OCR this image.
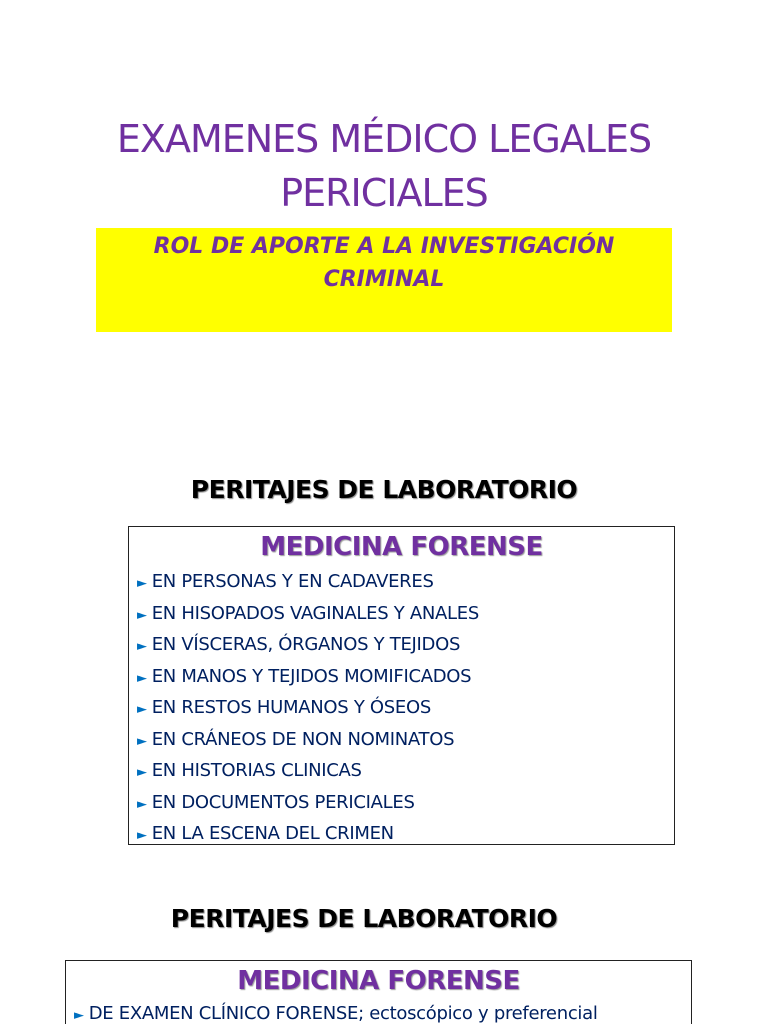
EXAMENES MÉDICO LEGALES
PERICIALES
ROL DE APORTE A LA INVESTIGACIÓN
CRIMINAL
PERITAJES DE LABORATORIO
MEDICINA FORENSE
► EN PERSONAS Y EN CADAVERES
► EN HISOPADOS VAGINALES Y ANALES
► EN VÍSCERAS, ÓRGANOS Y TEJIDOS
► EN MANOS Y TEJIDOS MOMIFICADOS
► EN RESTOS HUMANOS Y ÓSEOS
► EN CRÁNEOS DE NON NOMINATOS
► EN HISTORIAS CLINICAS
► EN DOCUMENTOS PERICIALES
► EN LA ESCENA DEL CRIMEN
PERITAJES DE LABORATORIO
MEDICINA FORENSE
► DE EXAMEN CLÍNICO FORENSE; ectoscópico y preferencial
